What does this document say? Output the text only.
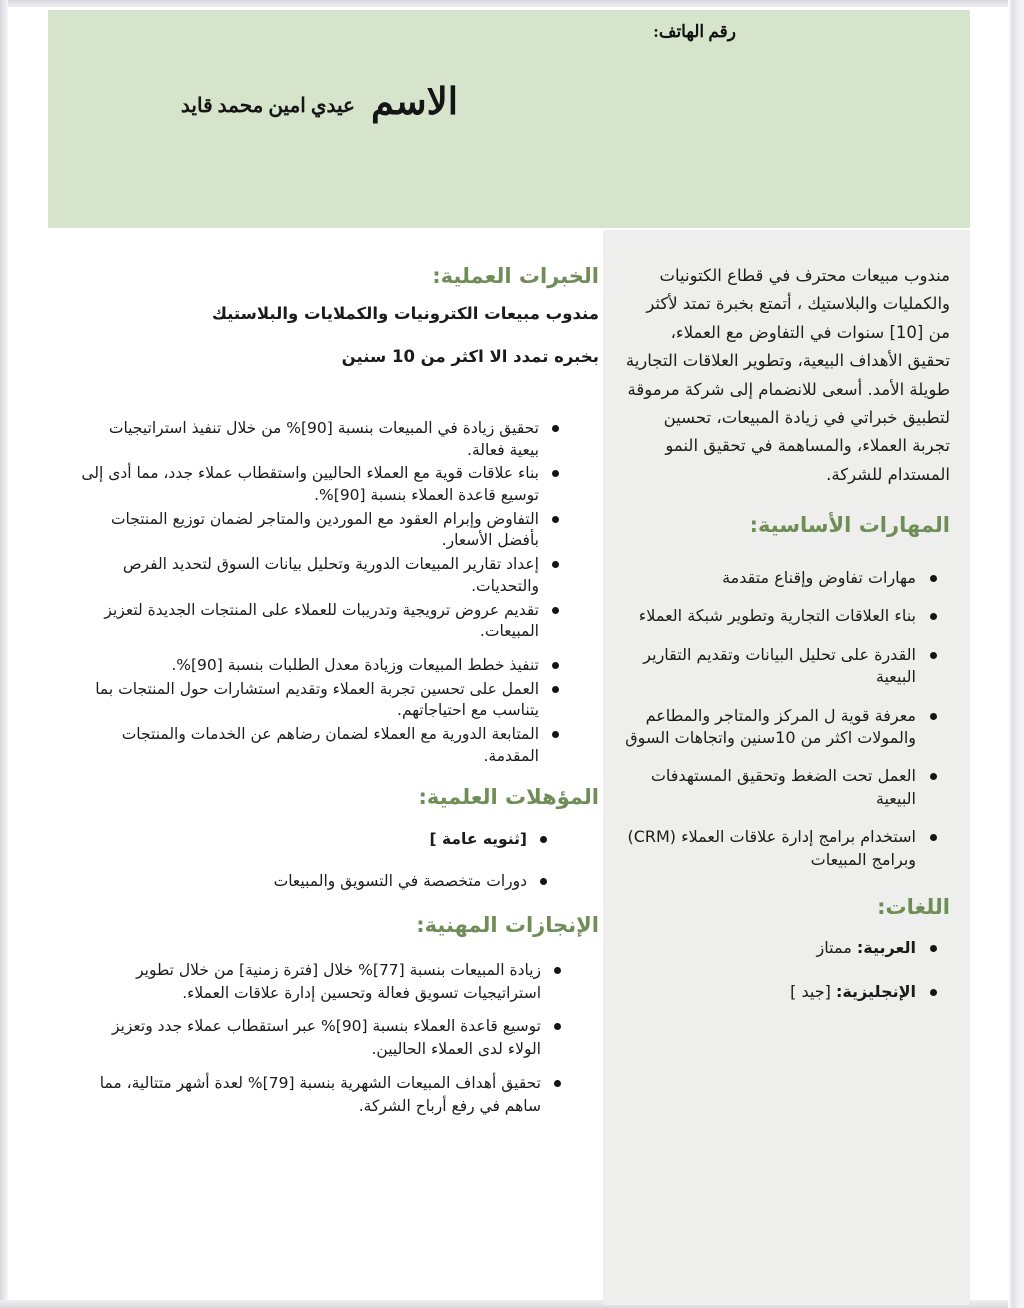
رقم الهاتف:
الاسم
عيدي امين محمد قايد
الخبرات العملية:
مندوب مبيعات الكترونيات والكملايات والبلاستيك
بخبره تمدد الا اكثر من 10 سنين
تحقيق زيادة في المبيعات بنسبة [90]% من خلال تنفيذ استراتيجيات بيعية فعالة.
بناء علاقات قوية مع العملاء الحاليين واستقطاب عملاء جدد، مما أدى إلى توسيع قاعدة العملاء بنسبة [90]%.
التفاوض وإبرام العقود مع الموردين والمتاجر لضمان توزيع المنتجات بأفضل الأسعار.
إعداد تقارير المبيعات الدورية وتحليل بيانات السوق لتحديد الفرص والتحديات.
تقديم عروض ترويجية وتدريبات للعملاء على المنتجات الجديدة لتعزيز المبيعات.
تنفيذ خطط المبيعات وزيادة معدل الطلبات بنسبة [90]%.
العمل على تحسين تجربة العملاء وتقديم استشارات حول المنتجات بما يتناسب مع احتياجاتهم.
المتابعة الدورية مع العملاء لضمان رضاهم عن الخدمات والمنتجات المقدمة.
المؤهلات العلمية:
[ثنويه عامة ]
دورات متخصصة في التسويق والمبيعات
الإنجازات المهنية:
زيادة المبيعات بنسبة [77]% خلال [فترة زمنية] من خلال تطوير استراتيجيات تسويق فعالة وتحسين إدارة علاقات العملاء.
توسيع قاعدة العملاء بنسبة [90]% عبر استقطاب عملاء جدد وتعزيز الولاء لدى العملاء الحاليين.
تحقيق أهداف المبيعات الشهرية بنسبة [79]% لعدة أشهر متتالية، مما ساهم في رفع أرباح الشركة.

مندوب مبيعات محترف في قطاع الكتونيات والكمليات والبلاستيك ، أتمتع بخبرة تمتد لأكثر من [10] سنوات في التفاوض مع العملاء، تحقيق الأهداف البيعية، وتطوير العلاقات التجارية طويلة الأمد. أسعى للانضمام إلى شركة مرموقة لتطبيق خبراتي في زيادة المبيعات، تحسين تجربة العملاء، والمساهمة في تحقيق النمو المستدام للشركة.

المهارات الأساسية:
مهارات تفاوض وإقناع متقدمة
بناء العلاقات التجارية وتطوير شبكة العملاء
القدرة على تحليل البيانات وتقديم التقارير البيعية
معرفة قوية ل المركز والمتاجر والمطاعم والمولات اكثر من 10سنين واتجاهات السوق
العمل تحت الضغط وتحقيق المستهدفات البيعية
استخدام برامج إدارة علاقات العملاء (CRM) وبرامج المبيعات
اللغات:
العربية: ممتاز
الإنجليزية: [جيد ]
